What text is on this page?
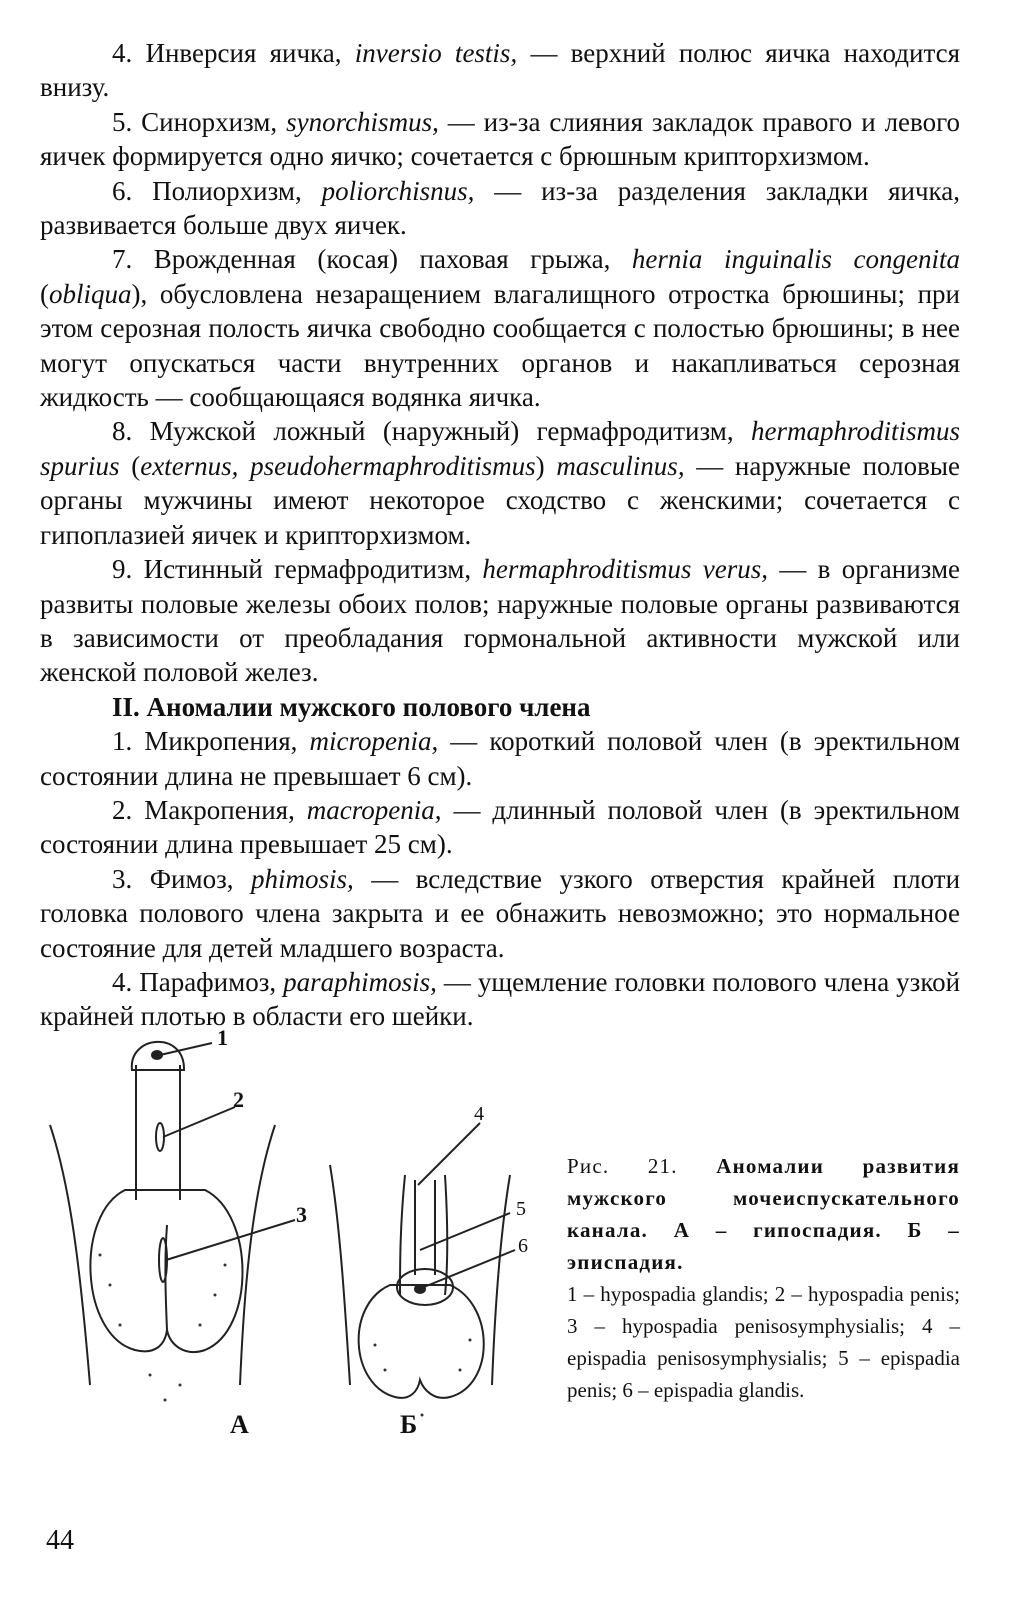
4. Инверсия яичка, inversio testis, — верхний полюс яичка находится внизу.

5. Синорхизм, synorchismus, — из-за слияния закладок правого и левого яичек формируется одно яичко; сочетается с брюшным крипторхизмом.

6. Полиорхизм, poliorchisnus, — из-за разделения закладки яичка, развивается больше двух яичек.

7. Врожденная (косая) паховая грыжа, hernia inguinalis congenita (obliqua), обусловлена незаращением влагалищного отростка брюшины; при этом серозная полость яичка свободно сообщается с полостью брюшины; в нее могут опускаться части внутренних органов и накапливаться серозная жидкость — сообщающаяся водянка яичка.

8. Мужской ложный (наружный) гермафродитизм, hermaphroditismus spurius (externus, pseudohermaphroditismus) masculinus, — наружные половые органы мужчины имеют некоторое сходство с женскими; сочетается с гипоплазией яичек и крипторхизмом.

9. Истинный гермафродитизм, hermaphroditismus verus, — в организме развиты половые железы обоих полов; наружные половые органы развиваются в зависимости от преобладания гормональной активности мужской или женской половой желез.

II. Аномалии мужского полового члена

1. Микропения, micropenia, — короткий половой член (в эректильном состоянии длина не превышает 6 см).

2. Макропения, macropenia, — длинный половой член (в эректильном состоянии длина превышает 25 см).

3. Фимоз, phimosis, — вследствие узкого отверстия крайней плоти головка полового члена закрыта и ее обнажить невозможно; это нормальное состояние для детей младшего возраста.

4. Парафимоз, paraphimosis, — ущемление головки полового члена узкой крайней плотью в области его шейки.

1
2
3
А
4
5
6
Б

Рис. 21. Аномалии развития мужского мочеиспускательного канала. А – гипоспадия. Б – эписпадия.

1 – hypospadia glandis; 2 – hypospadia penis; 3 – hypospadia penisosymphysialis; 4 – epispadia penisosymphysialis; 5 – epispadia penis; 6 – epispadia glandis.

44
